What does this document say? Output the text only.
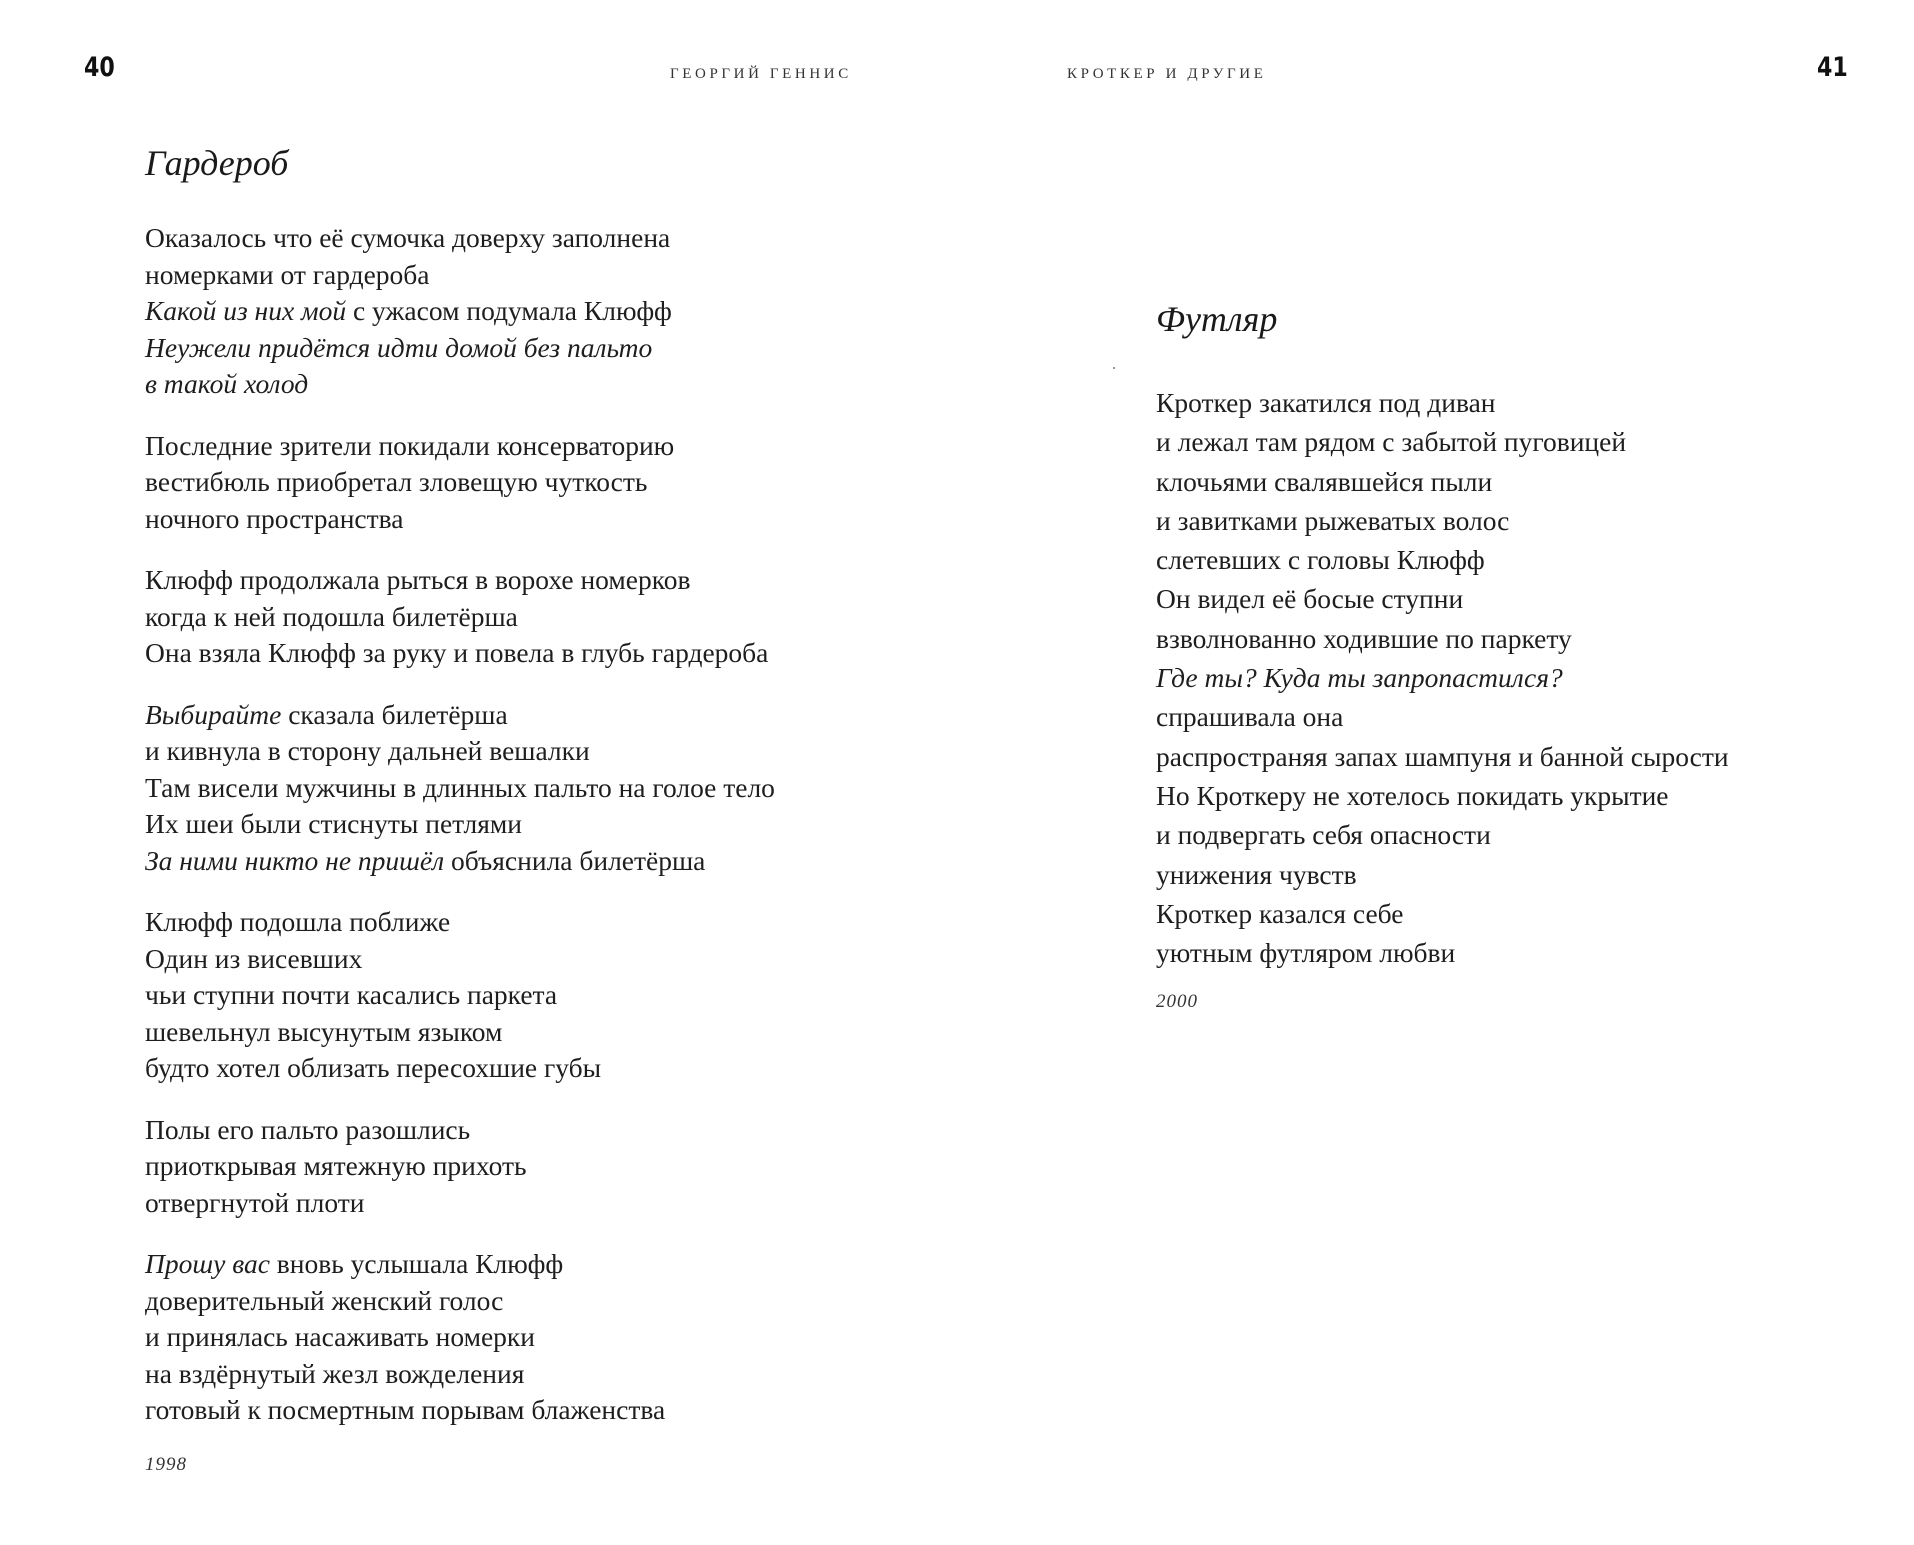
40	ГЕОРГИЙ ГЕННИС	КРОТКЕР И ДРУГИЕ	41
Гардероб
Оказалось что её сумочка доверху заполнена
номерками от гардероба
Какой из них мой с ужасом подумала Клюфф
Неужели придётся идти домой без пальто
в такой холод
Последние зрители покидали консерваторию
вестибюль приобретал зловещую чуткость
ночного пространства
Клюфф продолжала рыться в ворохе номерков
когда к ней подошла билетёрша
Она взяла Клюфф за руку и повела в глубь гардероба
Выбирайте сказала билетёрша
и кивнула в сторону дальней вешалки
Там висели мужчины в длинных пальто на голое тело
Их шеи были стиснуты петлями
За ними никто не пришёл объяснила билетёрша
Клюфф подошла поближе
Один из висевших
чьи ступни почти касались паркета
шевельнул высунутым языком
будто хотел облизать пересохшие губы
Полы его пальто разошлись
приоткрывая мятежную прихоть
отвергнутой плоти
Прошу вас вновь услышала Клюфф
доверительный женский голос
и принялась насаживать номерки
на вздёрнутый жезл вожделения
готовый к посмертным порывам блаженства
1998
Футляр
Кроткер закатился под диван
и лежал там рядом с забытой пуговицей
клочьями свалявшейся пыли
и завитками рыжеватых волос
слетевших с головы Клюфф
Он видел её босые ступни
взволнованно ходившие по паркету
Где ты? Куда ты запропастился?
спрашивала она
распространяя запах шампуня и банной сырости
Но Кроткеру не хотелось покидать укрытие
и подвергать себя опасности
унижения чувств
Кроткер казался себе
уютным футляром любви
2000
